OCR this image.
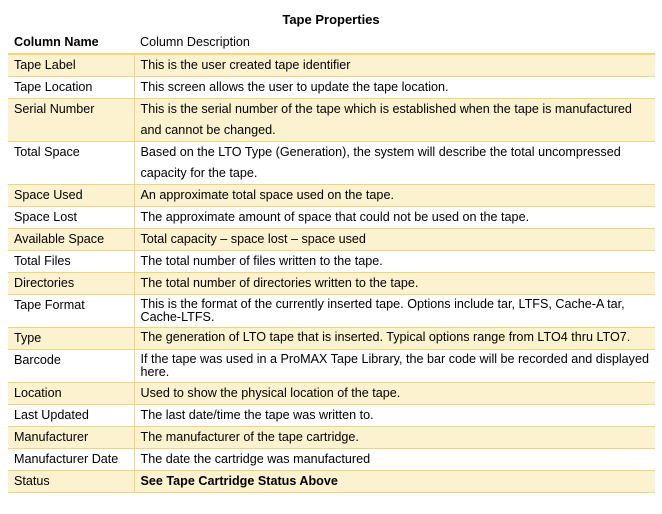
Tape Properties
Column Name	Column Description
Tape Label	This is the user created tape identifier
Tape Location	This screen allows the user to update the tape location.
Serial Number	This is the serial number of the tape which is established when the tape is manufactured and cannot be changed.
Total Space	Based on the LTO Type (Generation), the system will describe the total uncompressed capacity for the tape.
Space Used	An approximate total space used on the tape.
Space Lost	The approximate amount of space that could not be used on the tape.
Available Space	Total capacity – space lost – space used
Total Files	The total number of files written to the tape.
Directories	The total number of directories written to the tape.
Tape Format	This is the format of the currently inserted tape. Options include tar, LTFS, Cache-A tar, Cache-LTFS.
Type	The generation of LTO tape that is inserted. Typical options range from LTO4 thru LTO7.
Barcode	If the tape was used in a ProMAX Tape Library, the bar code will be recorded and displayed here.
Location	Used to show the physical location of the tape.
Last Updated	The last date/time the tape was written to.
Manufacturer	The manufacturer of the tape cartridge.
Manufacturer Date	The date the cartridge was manufactured
Status	See Tape Cartridge Status Above
